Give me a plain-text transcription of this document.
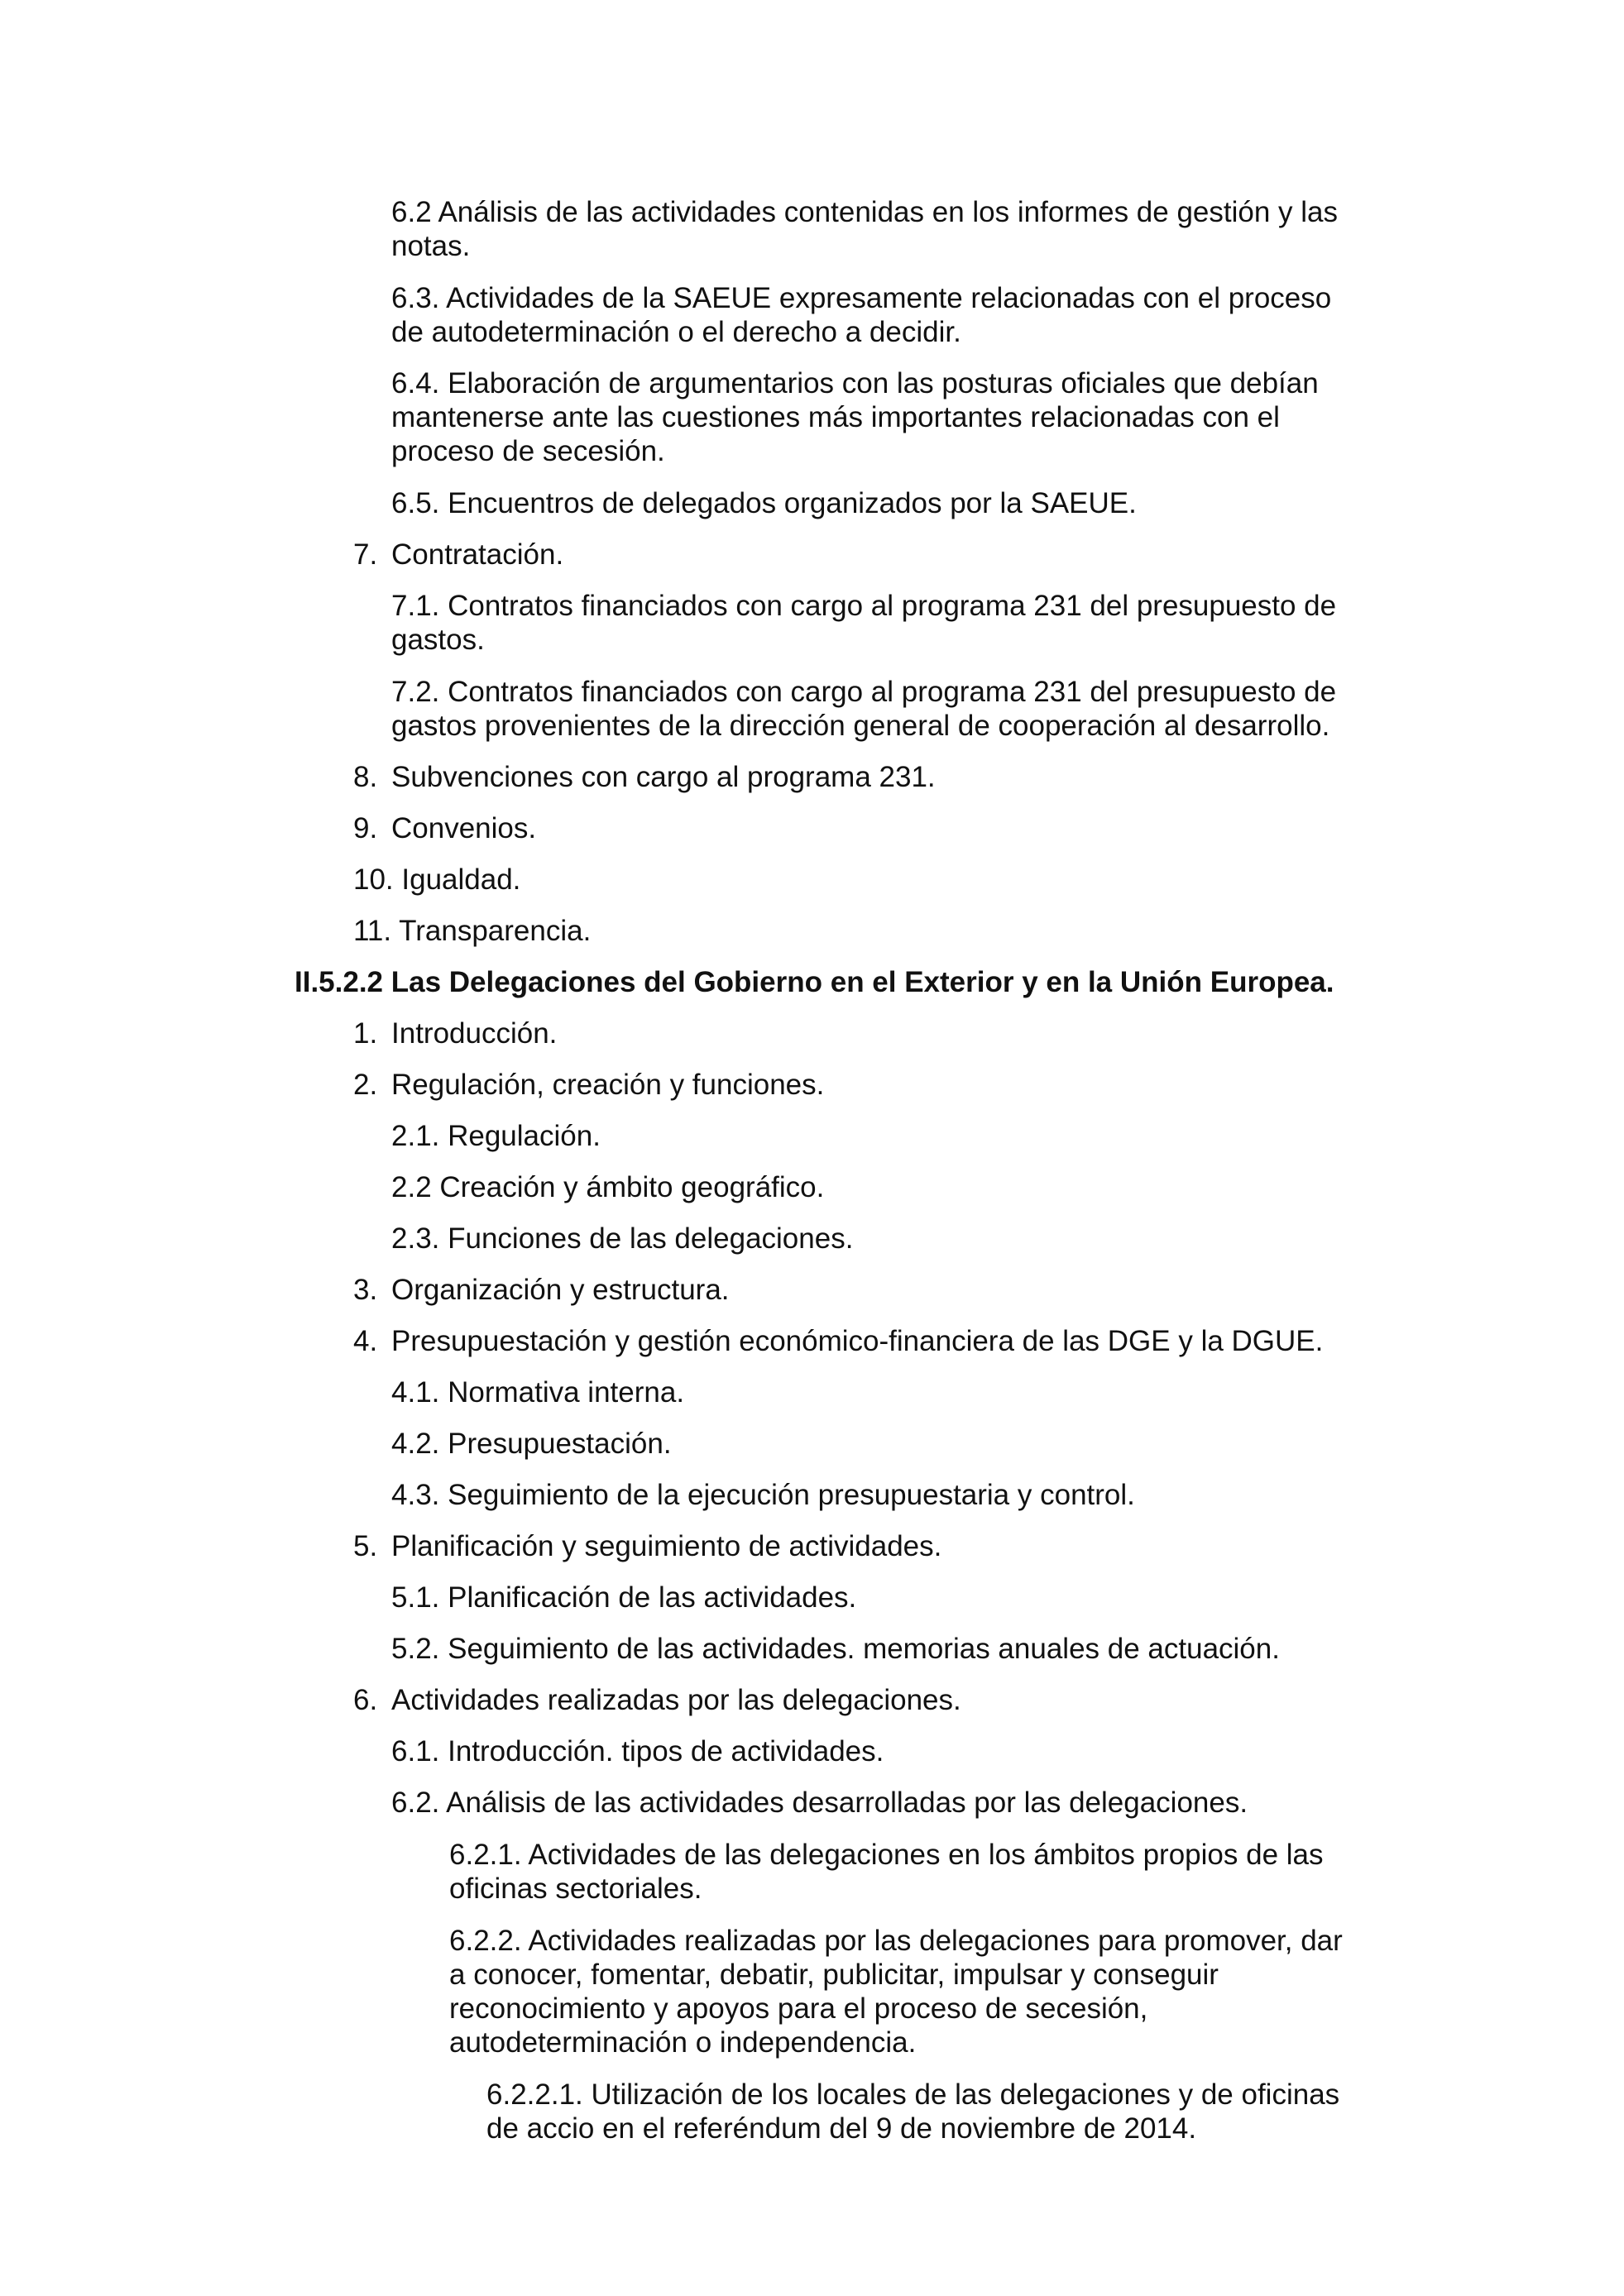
6.2 Análisis de las actividades contenidas en los informes de gestión y las

notas.

6.3. Actividades de la SAEUE expresamente relacionadas con el proceso

de autodeterminación o el derecho a decidir.

6.4. Elaboración de argumentarios con las posturas oficiales que debían

mantenerse ante las cuestiones más importantes relacionadas con el

proceso de secesión.

6.5. Encuentros de delegados organizados por la SAEUE.

7. Contratación.

7.1. Contratos financiados con cargo al programa 231 del presupuesto de

gastos.

7.2. Contratos financiados con cargo al programa 231 del presupuesto de

gastos provenientes de la dirección general de cooperación al desarrollo.

8. Subvenciones con cargo al programa 231.

9. Convenios.

10. Igualdad.

11. Transparencia.

II.5.2.2 Las Delegaciones del Gobierno en el Exterior y en la Unión Europea.

1. Introducción.

2. Regulación, creación y funciones.

2.1. Regulación.

2.2 Creación y ámbito geográfico.

2.3. Funciones de las delegaciones.

3. Organización y estructura.

4. Presupuestación y gestión económico-financiera de las DGE y la DGUE.

4.1. Normativa interna.

4.2. Presupuestación.

4.3. Seguimiento de la ejecución presupuestaria y control.

5. Planificación y seguimiento de actividades.

5.1. Planificación de las actividades.

5.2. Seguimiento de las actividades. memorias anuales de actuación.

6. Actividades realizadas por las delegaciones.

6.1. Introducción. tipos de actividades.

6.2. Análisis de las actividades desarrolladas por las delegaciones.

6.2.1. Actividades de las delegaciones en los ámbitos propios de las

oficinas sectoriales.

6.2.2. Actividades realizadas por las delegaciones para promover, dar

a conocer, fomentar, debatir, publicitar, impulsar y conseguir

reconocimiento y apoyos para el proceso de secesión,

autodeterminación o independencia.

6.2.2.1. Utilización de los locales de las delegaciones y de oficinas

de accio en el referéndum del 9 de noviembre de 2014.
